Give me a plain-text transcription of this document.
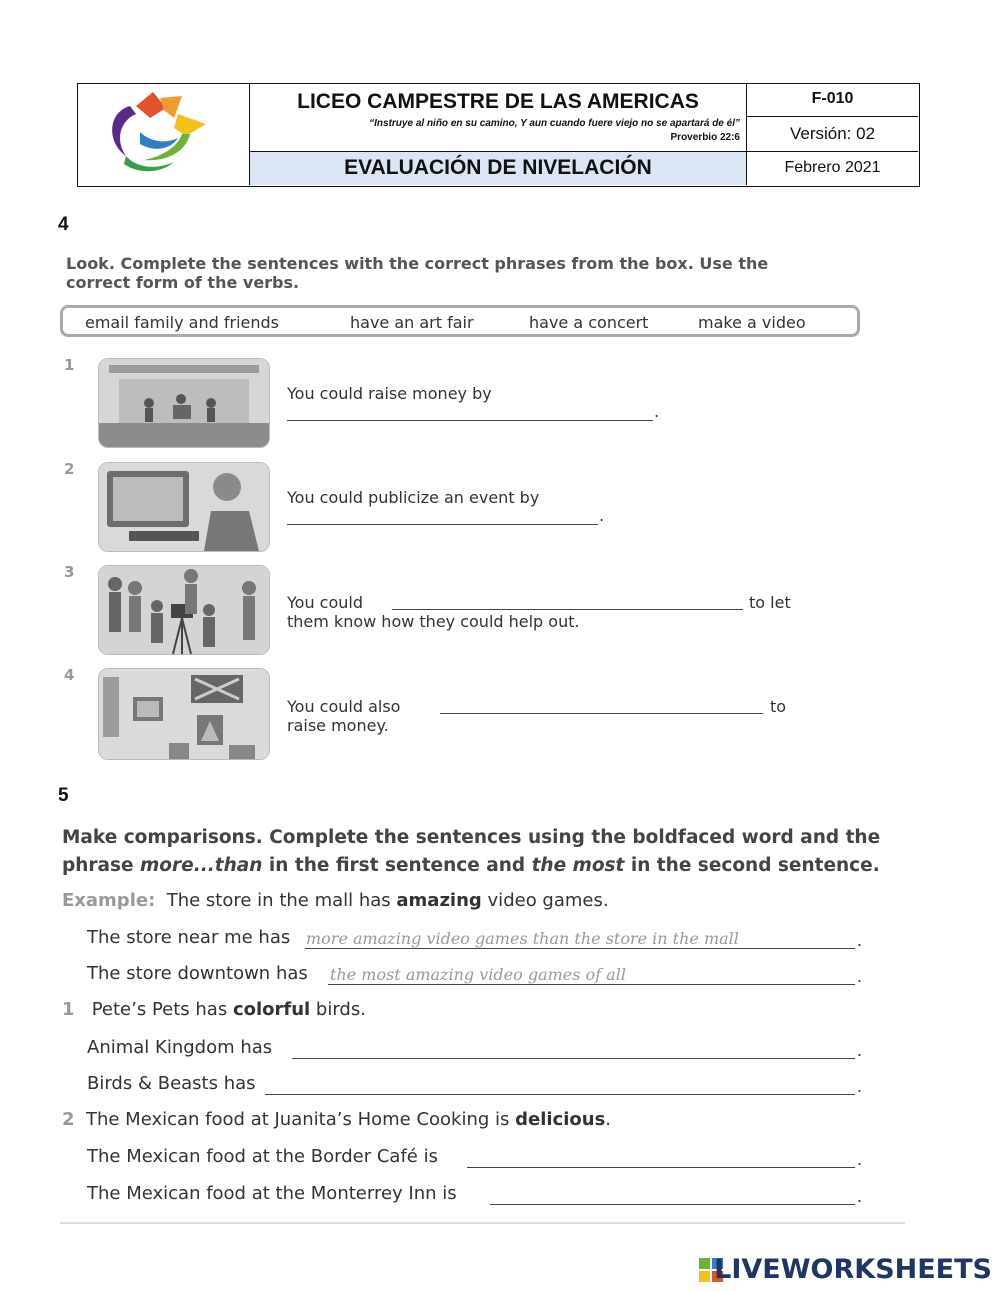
LICEO CAMPESTRE DE LAS AMERICAS
“Instruye al niño en su camino, Y aun cuando fuere viejo no se apartará de él”
Proverbio 22:6
EVALUACIÓN DE NIVELACIÓN
F-010
Versión: 02
Febrero 2021
4
Look. Complete the sentences with the correct phrases from the box. Use the
correct form of the verbs.
email family and friends	have an art fair	have a concert	make a video
1
You could raise money by
.
2
You could publicize an event by
.
3
You could	to let
them know how they could help out.
4
You could also	to
raise money.
5
Make comparisons. Complete the sentences using the boldfaced word and the
phrase more...than in the first sentence and the most in the second sentence.
Example: The store in the mall has amazing video games.
The store near me has more amazing video games than the store in the mall	.
The store downtown has the most amazing video games of all	.
1 Pete’s Pets has colorful birds.
Animal Kingdom has	.
Birds & Beasts has	.
2 The Mexican food at Juanita’s Home Cooking is delicious.
The Mexican food at the Border Café is	.
The Mexican food at the Monterrey Inn is	.
LIVEWORKSHEETS
